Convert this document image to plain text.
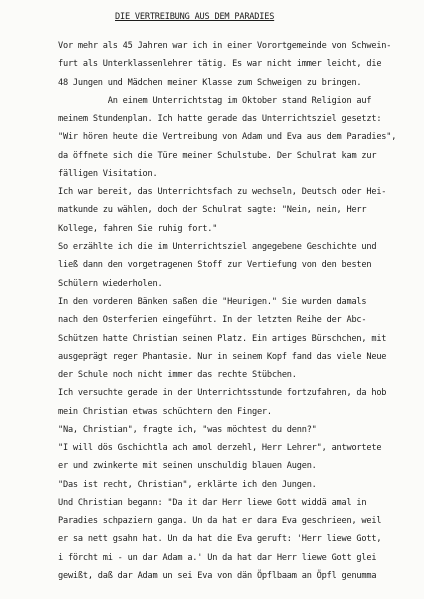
DIE VERTREIBUNG AUS DEM PARADIES
Vor mehr als 45 Jahren war ich in einer Vorortgemeinde von Schwein-
furt als Unterklassenlehrer tätig. Es war nicht immer leicht, die
48 Jungen und Mädchen meiner Klasse zum Schweigen zu bringen.
An einem Unterrichtstag im Oktober stand Religion auf
meinem Stundenplan. Ich hatte gerade das Unterrichtsziel gesetzt:
"Wir hören heute die Vertreibung von Adam und Eva aus dem Paradies",
da öffnete sich die Türe meiner Schulstube. Der Schulrat kam zur
fälligen Visitation.
Ich war bereit, das Unterrichtsfach zu wechseln, Deutsch oder Hei-
matkunde zu wählen, doch der Schulrat sagte: "Nein, nein, Herr
Kollege, fahren Sie ruhig fort."
So erzählte ich die im Unterrichtsziel angegebene Geschichte und
ließ dann den vorgetragenen Stoff zur Vertiefung von den besten
Schülern wiederholen.
In den vorderen Bänken saßen die "Heurigen." Sie wurden damals
nach den Osterferien eingeführt. In der letzten Reihe der Abc-
Schützen hatte Christian seinen Platz. Ein artiges Bürschchen, mit
ausgeprägt reger Phantasie. Nur in seinem Kopf fand das viele Neue
der Schule noch nicht immer das rechte Stübchen.
Ich versuchte gerade in der Unterrichtsstunde fortzufahren, da hob
mein Christian etwas schüchtern den Finger.
"Na, Christian", fragte ich, "was möchtest du denn?"
"I will dös Gschichtla ach amol derzehl, Herr Lehrer", antwortete
er und zwinkerte mit seinen unschuldig blauen Augen.
"Das ist recht, Christian", erklärte ich den Jungen.
Und Christian begann: "Da it dar Herr liewe Gott widdä amal in
Paradies schpaziern ganga. Un da hat er dara Eva geschrieen, weil
er sa nett gsahn hat. Un da hat die Eva geruft: 'Herr liewe Gott,
i förcht mi - un dar Adam a.' Un da hat dar Herr liewe Gott glei
gewißt, daß dar Adam un sei Eva von dän Öpflbaam an Öpfl genumma
